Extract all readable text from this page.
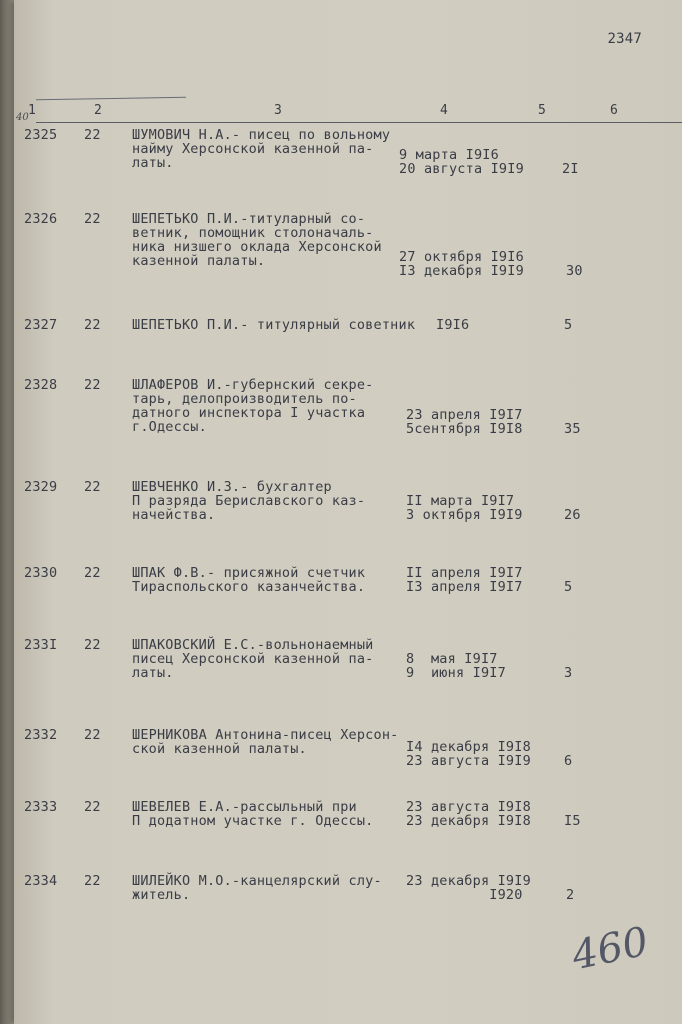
40
2347
1	2	3	4	5	6
2325 22 ШУМОВИЧ Н.А.- писец по вольному
найму Херсонской казенной па-
латы.	9 марта I9I6
20 августа I9I9	2I
2326 22 ШЕПЕТЬКО П.И.-титуларный со-
ветник, помощник столоначаль-
ника низшего оклада Херсонской
казенной палаты.	27 октября I9I6
I3 декабря I9I9	30
2327 22 ШЕПЕТЬКО П.И.- титулярный советник I9I6	5
2328 22 ШЛАФЕРОВ И.-губернский секре-
тарь, делопроизводитель по-
датного инспектора I участка
г.Одессы.
23 апреля I9I7
5сентября I9I8	35
2329 22 ШЕВЧЕНКО И.З.- бухгалтер
П разряда Бериславского каз-
начейства.
II марта I9I7
3 октября I9I9	26
2330 22 ШПАК Ф.В.- присяжной счетчик
Тираспольского казанчейства.
II апреля I9I7
I3 апреля I9I7	5
233I 22 ШПАКОВСКИЙ Е.С.-вольнонаемный
писец Херсонской казенной па-
латы.
8  мая I9I7
9  июня I9I7	3
2332 22 ШЕРНИКОВА Антонина-писец Херсон-
ской казенной палаты.	I4 декабря I9I8
23 августа I9I9 6
2333 22 ШЕВЕЛЕВ Е.А.-рассыльный при
П додатном участке г. Одессы.
23 августа I9I8
23 декабря I9I8 I5
2334 22 ШИЛЕЙКО М.О.-канцелярский слу-
житель.
23 декабря I9I9
I920	2
460
